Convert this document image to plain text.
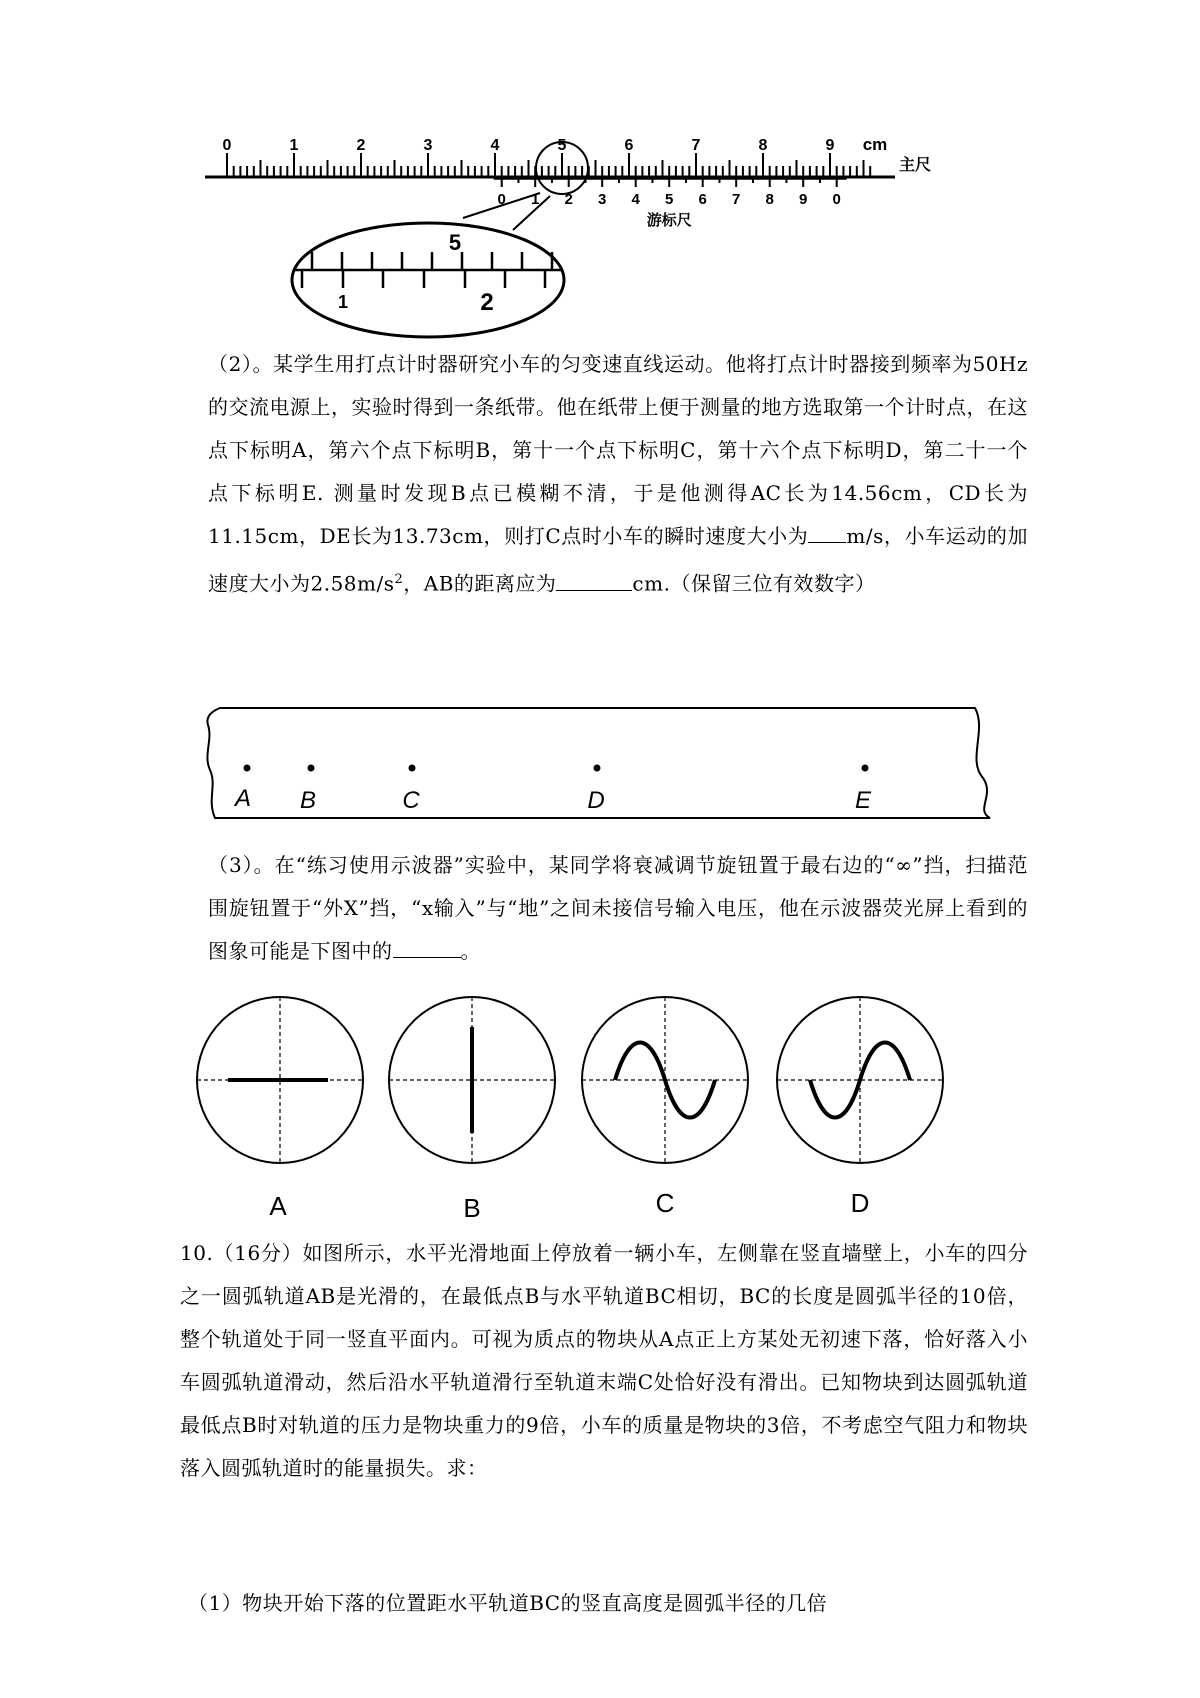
0	1	2	3	4	5	6	7	8	9 cm
主尺
0 1 2 3 4 5 6 7 8 9 0
游标尺
5
1	2
（2）。某学生用打点计时器研究小车的匀变速直线运动。他将打点计时器接到频率为50Hz的交流电源上，实验时得到一条纸带。他在纸带上便于测量的地方选取第一个计时点，在这点下标明A，第六个点下标明B，第十一个点下标明C，第十六个点下标明D，第二十一个点下标明E. 测量时发现B点已模糊不清，于是他测得AC长为14.56cm，CD长为11.15cm，DE长为13.73cm，则打C点时小车的瞬时速度大小为 m/s，小车运动的加速度大小为$2.58m/s^2$，AB的距离应为	cm.（保留三位有效数字）
A B	C	D	E
（3）。在“练习使用示波器”实验中，某同学将衰减调节旋钮置于最右边的“∞”挡，扫描范围旋钮置于“外X”挡，“x输入”与“地”之间未接信号输入电压，他在示波器荧光屏上看到的图象可能是下图中的	。
A	B	C	D
10.（16分）如图所示，水平光滑地面上停放着一辆小车，左侧靠在竖直墙壁上，小车的四分之一圆弧轨道AB是光滑的，在最低点B与水平轨道BC相切，BC的长度是圆弧半径的10倍，整个轨道处于同一竖直平面内。可视为质点的物块从A点正上方某处无初速下落，恰好落入小车圆弧轨道滑动，然后沿水平轨道滑行至轨道末端C处恰好没有滑出。已知物块到达圆弧轨道最低点B时对轨道的压力是物块重力的9倍，小车的质量是物块的3倍，不考虑空气阻力和物块落入圆弧轨道时的能量损失。求：
（1）物块开始下落的位置距水平轨道BC的竖直高度是圆弧半径的几倍
